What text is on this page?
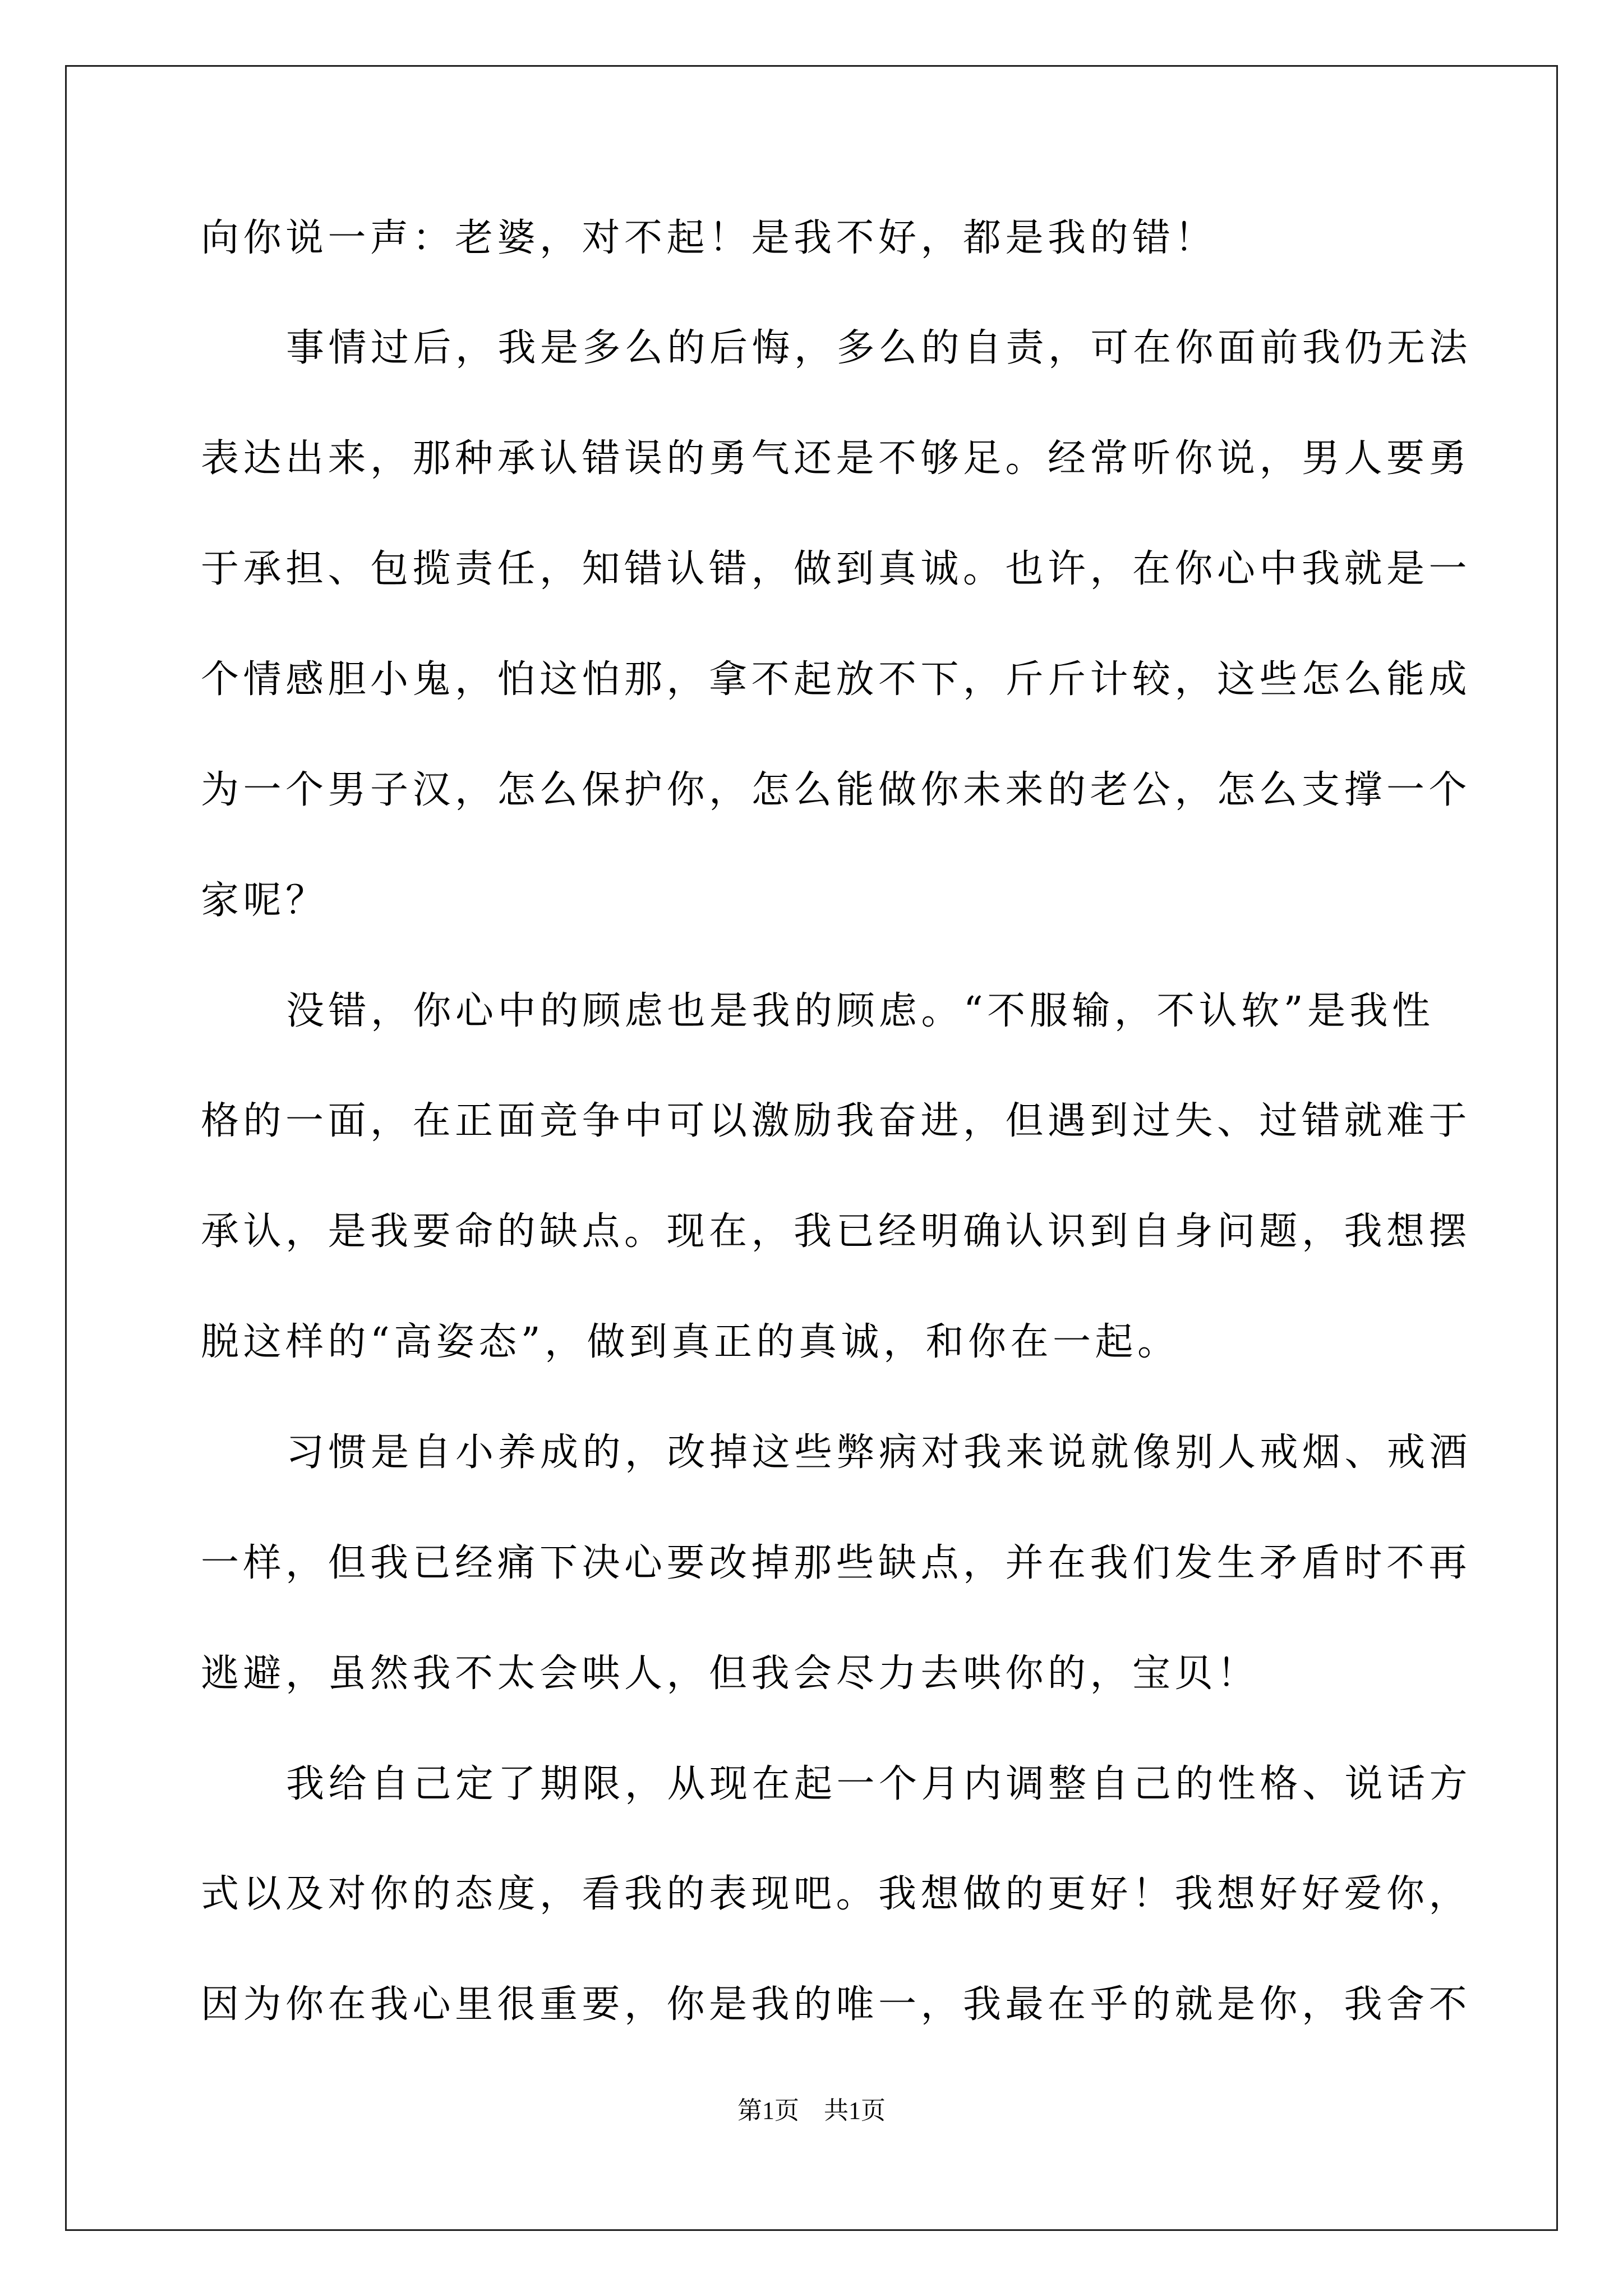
向你说一声：老婆，对不起！是我不好，都是我的错！
事情过后，我是多么的后悔，多么的自责，可在你面前我仍无法
表达出来，那种承认错误的勇气还是不够足。经常听你说，男人要勇
于承担、包揽责任，知错认错，做到真诚。也许，在你心中我就是一
个情感胆小鬼，怕这怕那，拿不起放不下，斤斤计较，这些怎么能成
为一个男子汉，怎么保护你，怎么能做你未来的老公，怎么支撑一个
家呢？
没错，你心中的顾虑也是我的顾虑。“不服输，不认软”是我性
格的一面，在正面竞争中可以激励我奋进，但遇到过失、过错就难于
承认，是我要命的缺点。现在，我已经明确认识到自身问题，我想摆
脱这样的“高姿态”，做到真正的真诚，和你在一起。
习惯是自小养成的，改掉这些弊病对我来说就像别人戒烟、戒酒
一样，但我已经痛下决心要改掉那些缺点，并在我们发生矛盾时不再
逃避，虽然我不太会哄人，但我会尽力去哄你的，宝贝！
我给自己定了期限，从现在起一个月内调整自己的性格、说话方
式以及对你的态度，看我的表现吧。我想做的更好！我想好好爱你，
因为你在我心里很重要，你是我的唯一，我最在乎的就是你，我舍不
第1页　共1页
